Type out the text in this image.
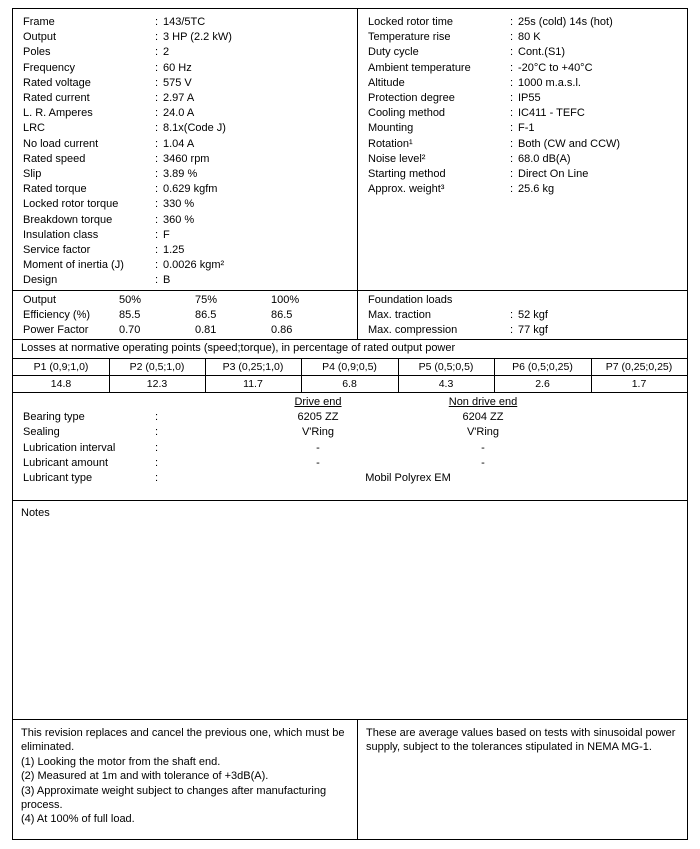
Frame	: 143/5TC
Output	: 3 HP (2.2 kW)
Poles	: 2
Frequency	: 60 Hz
Rated voltage	: 575 V
Rated current	: 2.97 A
L. R. Amperes	: 24.0 A
LRC	: 8.1x(Code J)
No load current	: 1.04 A
Rated speed	: 3460 rpm
Slip	: 3.89 %
Rated torque	: 0.629 kgfm
Locked rotor torque	: 330 %
Breakdown torque	: 360 %
Insulation class	: F
Service factor	: 1.25
Moment of inertia (J)	: 0.0026 kgm²
Design	: B
Locked rotor time	: 25s (cold) 14s (hot)
Temperature rise	: 80 K
Duty cycle	: Cont.(S1)
Ambient temperature	: -20°C to +40°C
Altitude	: 1000 m.a.s.l.
Protection degree	: IP55
Cooling method	: IC411 - TEFC
Mounting	: F-1
Rotation¹	: Both (CW and CCW)
Noise level²	: 68.0 dB(A)
Starting method	: Direct On Line
Approx. weight³	: 25.6 kg
Output	50%	75%	100%
Efficiency (%)	85.5	86.5	86.5
Power Factor	0.70	0.81	0.86
Foundation loads
Max. traction	: 52 kgf
Max. compression	: 77 kgf
Losses at normative operating points (speed;torque), in percentage of rated output power
P1 (0,9;1,0)	P2 (0,5;1,0)	P3 (0,25;1,0)	P4 (0,9;0,5)	P5 (0,5;0,5)	P6 (0,5;0,25)	P7 (0,25;0,25)
14.8	12.3	11.7	6.8	4.3	2.6	1.7
Drive end	Non drive end
Bearing type	:	6205 ZZ	6204 ZZ
Sealing	:	V'Ring	V'Ring
Lubrication interval	:	-	-
Lubricant amount	:	-	-
Lubricant type	:	Mobil Polyrex EM
Notes

This revision replaces and cancel the previous one, which must be eliminated.

(1) Looking the motor from the shaft end.

(2) Measured at 1m and with tolerance of +3dB(A).

(3) Approximate weight subject to changes after manufacturing process.

(4) At 100% of full load.

These are average values based on tests with sinusoidal power supply, subject to the tolerances stipulated in NEMA MG-1.
